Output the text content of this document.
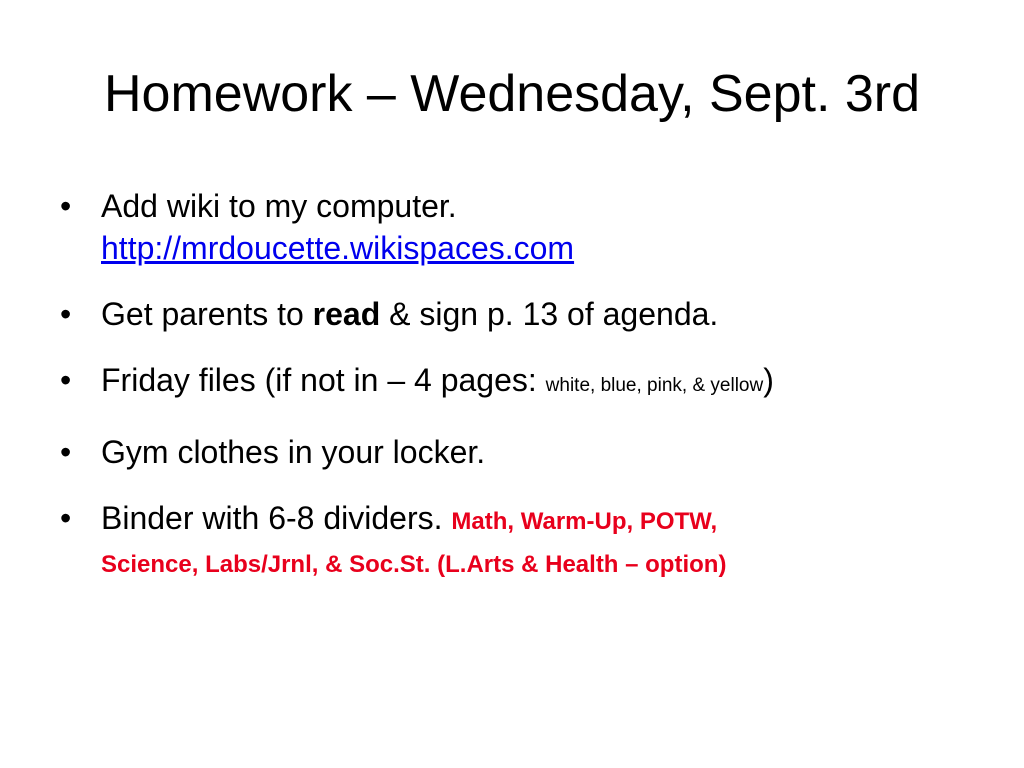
Homework – Wednesday, Sept. 3rd
• Add wiki to my computer.
http://mrdoucette.wikispaces.com
• Get parents to read & sign p. 13 of agenda.
• Friday files (if not in – 4 pages: white, blue, pink, & yellow)
• Gym clothes in your locker.
• Binder with 6-8 dividers. Math, Warm-Up, POTW,
Science, Labs/Jrnl, & Soc.St. (L.Arts & Health – option)
